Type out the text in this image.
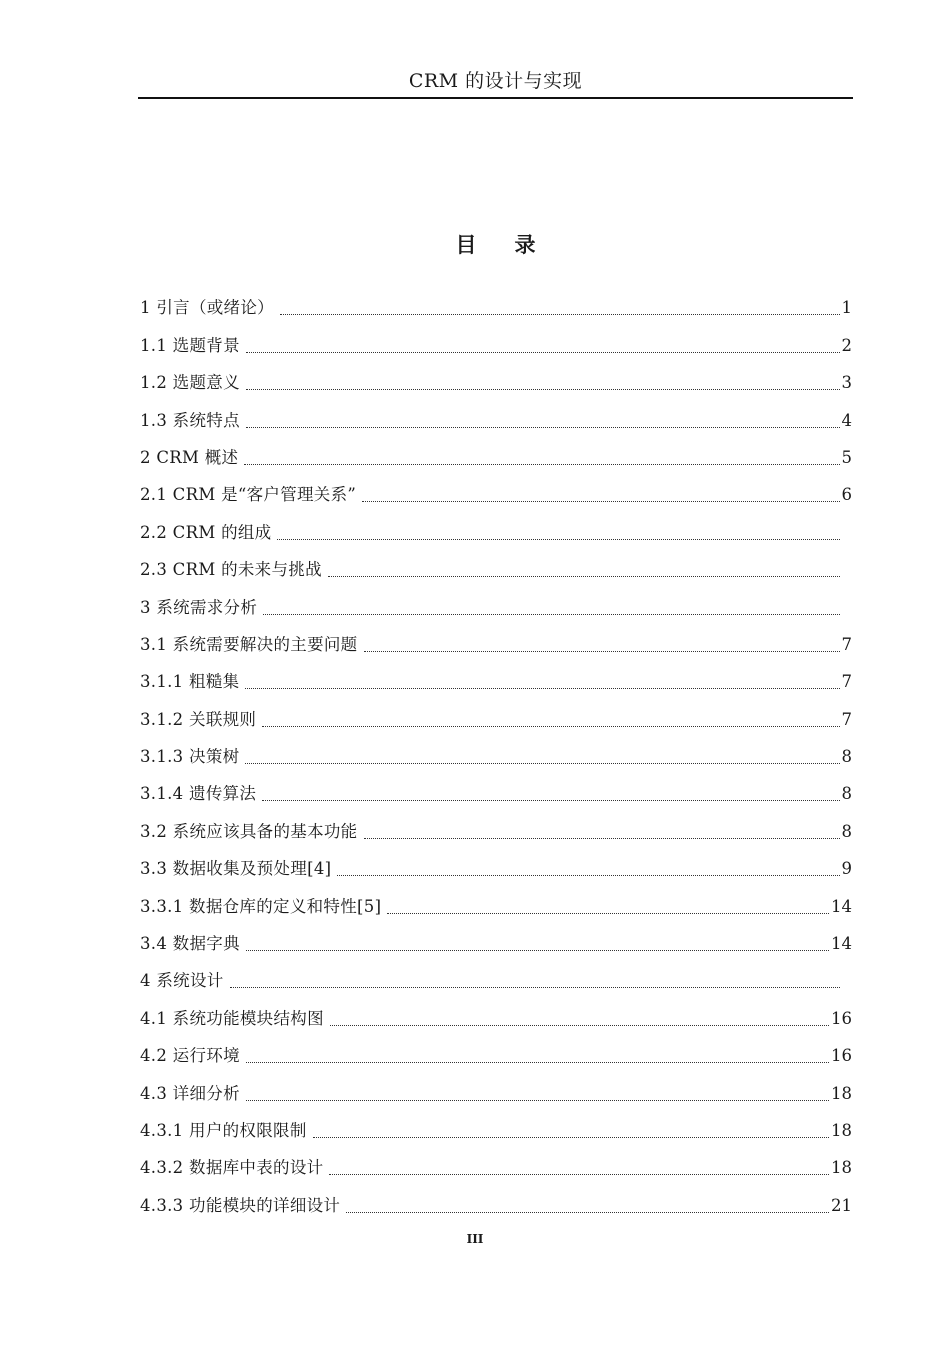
CRM 的设计与实现
目 录
1 引言（或绪论）	1
1.1 选题背景	2
1.2 选题意义	3
1.3 系统特点	4
2 CRM 概述	5
2.1 CRM 是“客户管理关系”	6
2.2 CRM 的组成
2.3 CRM 的未来与挑战
3 系统需求分析
3.1 系统需要解决的主要问题	7
3.1.1 粗糙集	7
3.1.2 关联规则	7
3.1.3 决策树	8
3.1.4 遗传算法	8
3.2 系统应该具备的基本功能	8
3.3 数据收集及预处理[4]	9
3.3.1 数据仓库的定义和特性[5]	14
3.4 数据字典	14
4 系统设计
4.1 系统功能模块结构图	16
4.2 运行环境	16
4.3 详细分析	18
4.3.1 用户的权限限制	18
4.3.2 数据库中表的设计	18
4.3.3 功能模块的详细设计	21
III
